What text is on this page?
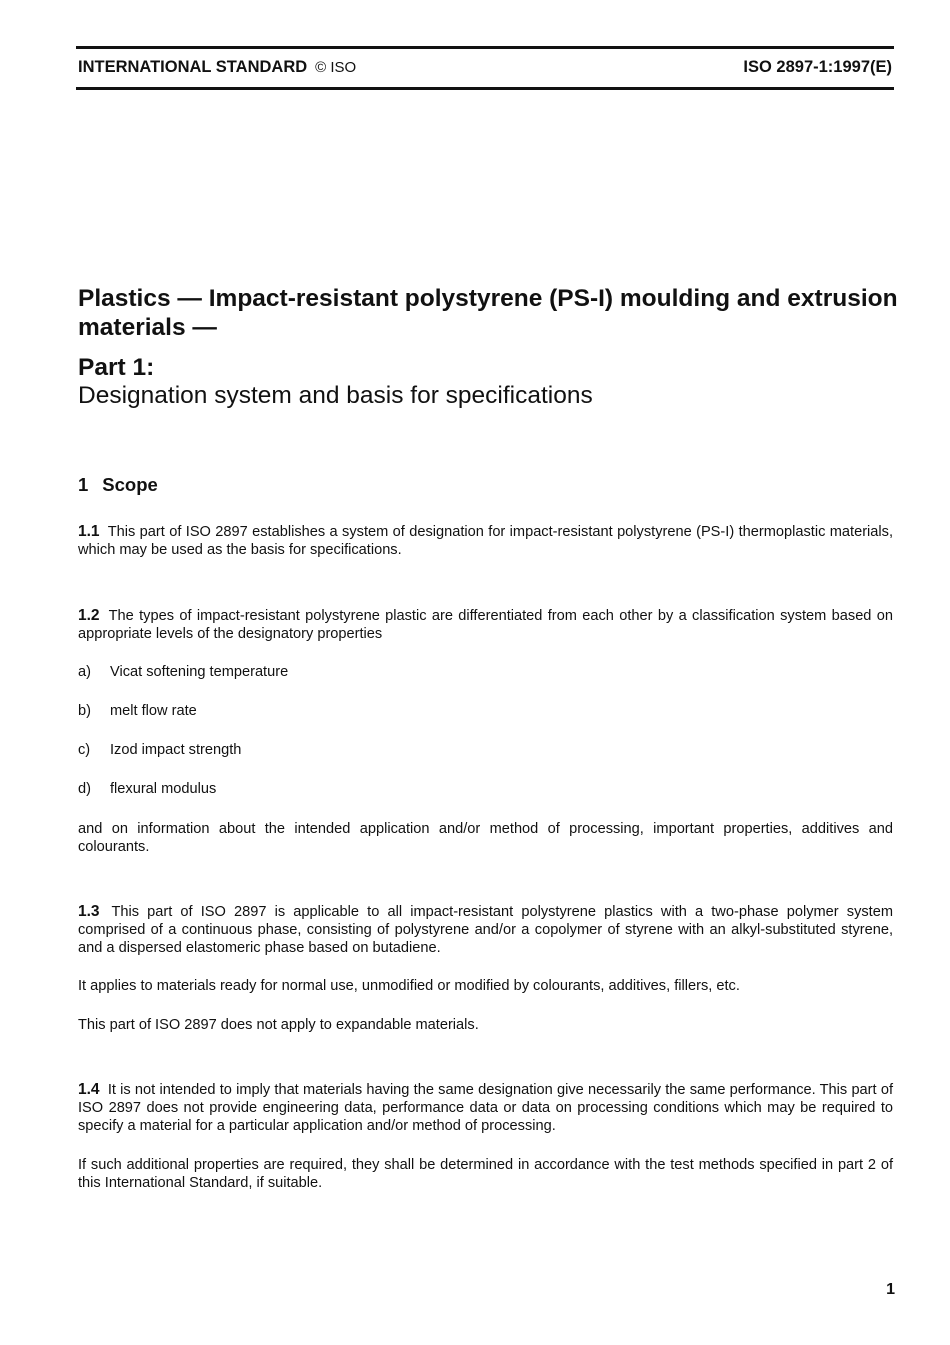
INTERNATIONAL STANDARD © ISO	ISO 2897-1:1997(E)
Plastics — Impact-resistant polystyrene (PS-I) moulding and extrusion materials —
Part 1:
Designation system and basis for specifications
1 Scope

1.1 This part of ISO 2897 establishes a system of designation for impact-resistant polystyrene (PS-I) thermoplastic materials, which may be used as the basis for specifications.

1.2 The types of impact-resistant polystyrene plastic are differentiated from each other by a classification system based on appropriate levels of the designatory properties

a) Vicat softening temperature

b) melt flow rate

c) Izod impact strength

d) flexural modulus

and on information about the intended application and/or method of processing, important properties, additives and colourants.

1.3 This part of ISO 2897 is applicable to all impact-resistant polystyrene plastics with a two-phase polymer system comprised of a continuous phase, consisting of polystyrene and/or a copolymer of styrene with an alkyl-substituted styrene, and a dispersed elastomeric phase based on butadiene.

It applies to materials ready for normal use, unmodified or modified by colourants, additives, fillers, etc.

This part of ISO 2897 does not apply to expandable materials.

1.4 It is not intended to imply that materials having the same designation give necessarily the same performance. This part of ISO 2897 does not provide engineering data, performance data or data on processing conditions which may be required to specify a material for a particular application and/or method of processing.

If such additional properties are required, they shall be determined in accordance with the test methods specified in part 2 of this International Standard, if suitable.

1
